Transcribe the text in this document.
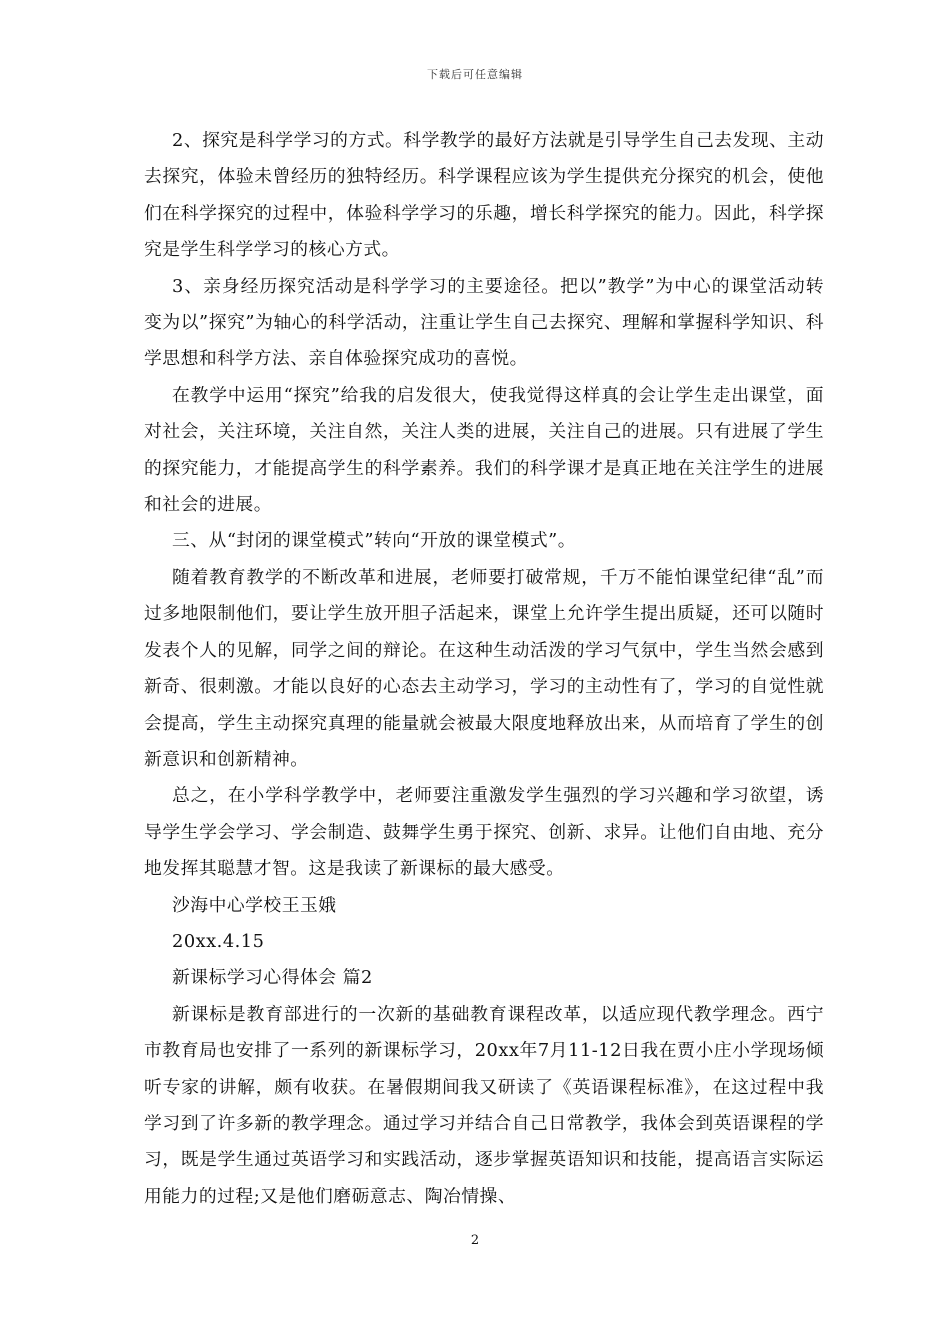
下载后可任意编辑

2、探究是科学学习的方式。科学教学的最好方法就是引导学生自己去发现、主动去探究，体验未曾经历的独特经历。科学课程应该为学生提供充分探究的机会，使他们在科学探究的过程中，体验科学学习的乐趣，增长科学探究的能力。因此，科学探究是学生科学学习的核心方式。

3、亲身经历探究活动是科学学习的主要途径。把以”教学”为中心的课堂活动转变为以”探究”为轴心的科学活动，注重让学生自己去探究、理解和掌握科学知识、科学思想和科学方法、亲自体验探究成功的喜悦。

在教学中运用“探究”给我的启发很大，使我觉得这样真的会让学生走出课堂，面对社会，关注环境，关注自然，关注人类的进展，关注自己的进展。只有进展了学生的探究能力，才能提高学生的科学素养。我们的科学课才是真正地在关注学生的进展和社会的进展。

三、从“封闭的课堂模式”转向“开放的课堂模式”。

随着教育教学的不断改革和进展，老师要打破常规，千万不能怕课堂纪律“乱”而过多地限制他们，要让学生放开胆子活起来，课堂上允许学生提出质疑，还可以随时发表个人的见解，同学之间的辩论。在这种生动活泼的学习气氛中，学生当然会感到新奇、很刺激。才能以良好的心态去主动学习，学习的主动性有了，学习的自觉性就会提高，学生主动探究真理的能量就会被最大限度地释放出来，从而培育了学生的创新意识和创新精神。

总之，在小学科学教学中，老师要注重激发学生强烈的学习兴趣和学习欲望，诱导学生学会学习、学会制造、鼓舞学生勇于探究、创新、求异。让他们自由地、充分地发挥其聪慧才智。这是我读了新课标的最大感受。

沙海中心学校王玉娥

20xx.4.15

新课标学习心得体会 篇2

新课标是教育部进行的一次新的基础教育课程改革，以适应现代教学理念。西宁市教育局也安排了一系列的新课标学习，20xx年7月11-12日我在贾小庄小学现场倾听专家的讲解，颇有收获。在暑假期间我又研读了《英语课程标准》，在这过程中我学习到了许多新的教学理念。通过学习并结合自己日常教学，我体会到英语课程的学习，既是学生通过英语学习和实践活动，逐步掌握英语知识和技能，提高语言实际运用能力的过程;又是他们磨砺意志、陶冶情操、

2
